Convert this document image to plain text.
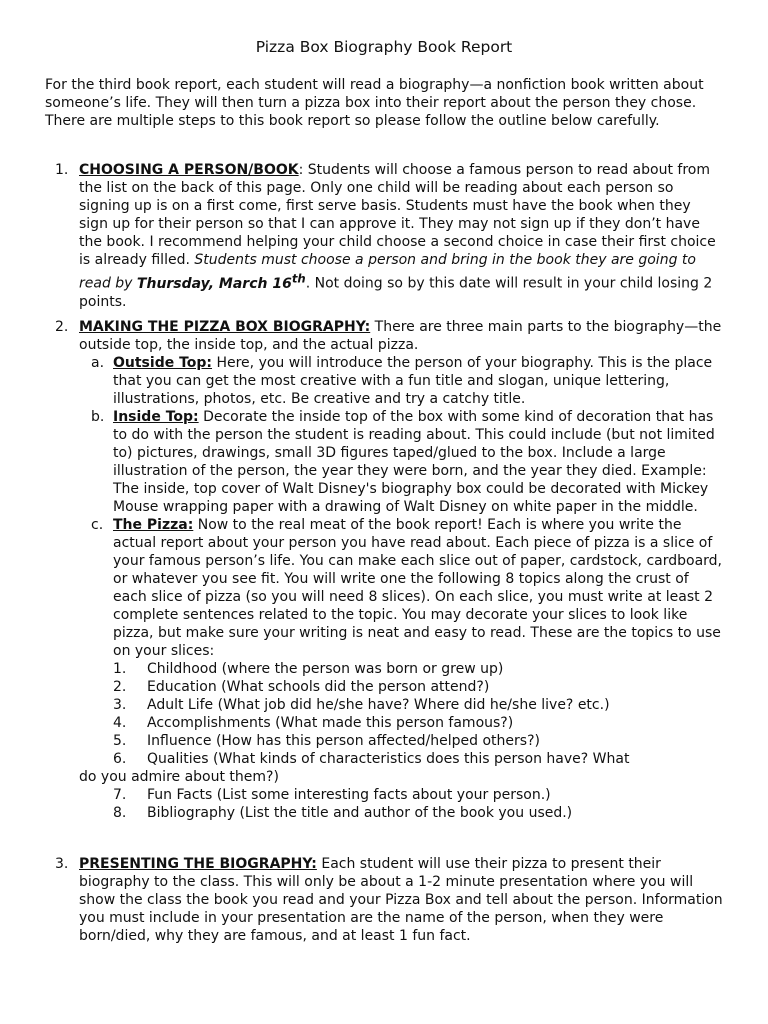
Pizza Box Biography Book Report

For the third book report, each student will read a biography—a nonfiction book written about someone’s life. They will then turn a pizza box into their report about the person they chose. There are multiple steps to this book report so please follow the outline below carefully.

1. CHOOSING A PERSON/BOOK: Students will choose a famous person to read about from the list on the back of this page. Only one child will be reading about each person so signing up is on a first come, first serve basis. Students must have the book when they sign up for their person so that I can approve it. They may not sign up if they don’t have the book. I recommend helping your child choose a second choice in case their first choice is already filled. Students must choose a person and bring in the book they are going to read by Thursday, March 16th. Not doing so by this date will result in your child losing 2 points.
2. MAKING THE PIZZA BOX BIOGRAPHY: There are three main parts to the biography—the outside top, the inside top, and the actual pizza.
a. Outside Top: Here, you will introduce the person of your biography. This is the place that you can get the most creative with a fun title and slogan, unique lettering, illustrations, photos, etc. Be creative and try a catchy title.
b. Inside Top: Decorate the inside top of the box with some kind of decoration that has to do with the person the student is reading about. This could include (but not limited to) pictures, drawings, small 3D figures taped/glued to the box. Include a large illustration of the person, the year they were born, and the year they died. Example: The inside, top cover of Walt Disney's biography box could be decorated with Mickey Mouse wrapping paper with a drawing of Walt Disney on white paper in the middle.
c. The Pizza: Now to the real meat of the book report! Each is where you write the actual report about your person you have read about. Each piece of pizza is a slice of your famous person’s life. You can make each slice out of paper, cardstock, cardboard, or whatever you see fit. You will write one the following 8 topics along the crust of each slice of pizza (so you will need 8 slices). On each slice, you must write at least 2 complete sentences related to the topic. You may decorate your slices to look like pizza, but make sure your writing is neat and easy to read. These are the topics to use on your slices:
1. Childhood (where the person was born or grew up)
2. Education (What schools did the person attend?)
3. Adult Life (What job did he/she have? Where did he/she live? etc.)
4. Accomplishments (What made this person famous?)
5. Influence (How has this person affected/helped others?)
6. Qualities (What kinds of characteristics does this person have? What
do you admire about them?)
7. Fun Facts (List some interesting facts about your person.)
8. Bibliography (List the title and author of the book you used.)
3. PRESENTING THE BIOGRAPHY: Each student will use their pizza to present their biography to the class. This will only be about a 1-2 minute presentation where you will show the class the book you read and your Pizza Box and tell about the person. Information you must include in your presentation are the name of the person, when they were born/died, why they are famous, and at least 1 fun fact.
